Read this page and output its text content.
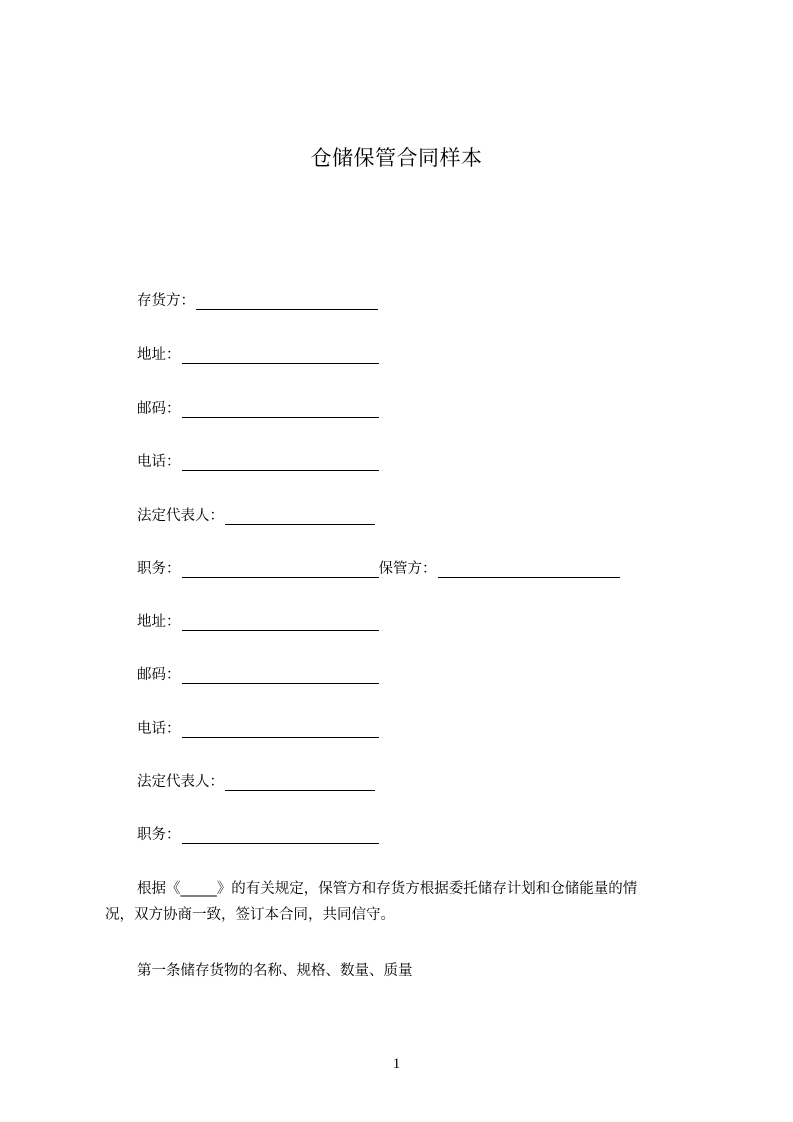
仓储保管合同样本
存货方：
地址：
邮码：
电话：
法定代表人：
职务：	保管方：
地址：
邮码：
电话：
法定代表人：
职务：
根据《_____》的有关规定，保管方和存货方根据委托储存计划和仓储能量的情
况，双方协商一致，签订本合同，共同信守。
第一条储存货物的名称、规格、数量、质量
1
